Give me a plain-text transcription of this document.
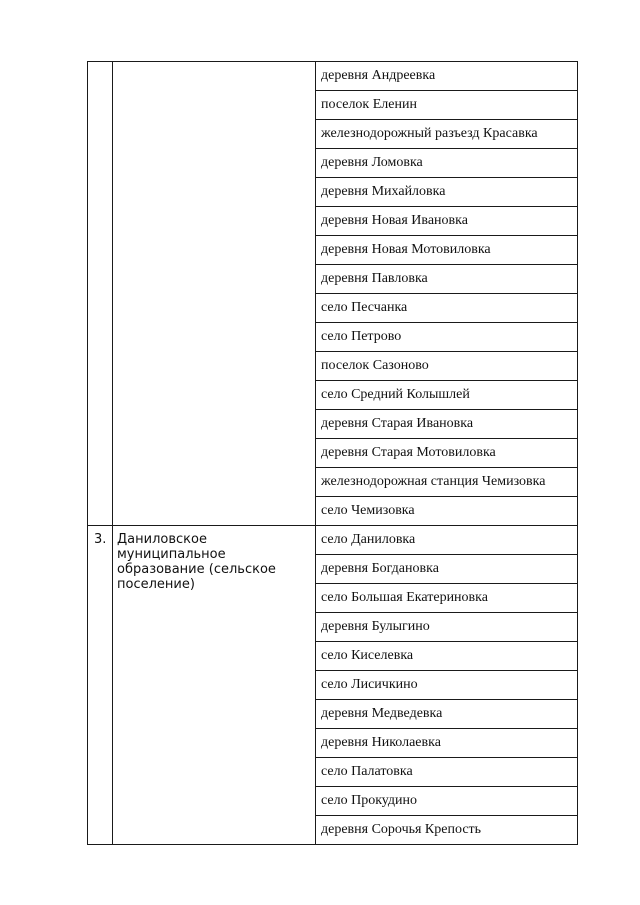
		деревня Андреевка

		поселок Еленин

		железнодорожный разъезд Красавка

		деревня Ломовка

		деревня Михайловка

		деревня Новая Ивановка

		деревня Новая Мотовиловка

		деревня Павловка

		село Песчанка

		село Петрово

		поселок Сазоново

		село Средний Колышлей

		деревня Старая Ивановка

		деревня Старая Мотовиловка

		железнодорожная станция Чемизовка

		село Чемизовка

3.	Даниловское муниципальное образование (сельское поселение)	село Даниловка

		деревня Богдановка

		село Большая Екатериновка

		деревня Булыгино

		село Киселевка

		село Лисичкино

		деревня Медведевка

		деревня Николаевка

		село Палатовка

		село Прокудино

		деревня Сорочья Крепость
